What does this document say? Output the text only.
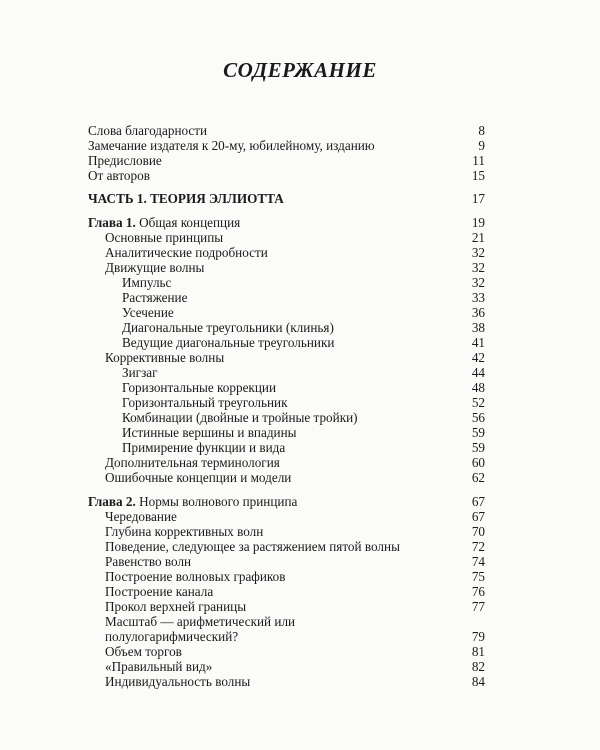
СОДЕРЖАНИЕ
Слова благодарности	8
Замечание издателя к 20-му, юбилейному, изданию	9
Предисловие	11
От авторов	15
ЧАСТЬ 1. ТЕОРИЯ ЭЛЛИОТТА	17
Глава 1. Общая концепция	19
Основные принципы	21
Аналитические подробности	32
Движущие волны	32
Импульс	32
Растяжение	33
Усечение	36
Диагональные треугольники (клинья)	38
Ведущие диагональные треугольники	41
Коррективные волны	42
Зигзаг	44
Горизонтальные коррекции	48
Горизонтальный треугольник	52
Комбинации (двойные и тройные тройки)	56
Истинные вершины и впадины	59
Примирение функции и вида	59
Дополнительная терминология	60
Ошибочные концепции и модели	62
Глава 2. Нормы волнового принципа	67
Чередование	67
Глубина коррективных волн	70
Поведение, следующее за растяжением пятой волны	72
Равенство волн	74
Построение волновых графиков	75
Построение канала	76
Прокол верхней границы	77
Масштаб — арифметический или
полулогарифмический?	79
Объем торгов	81
«Правильный вид»	82
Индивидуальность волны	84
